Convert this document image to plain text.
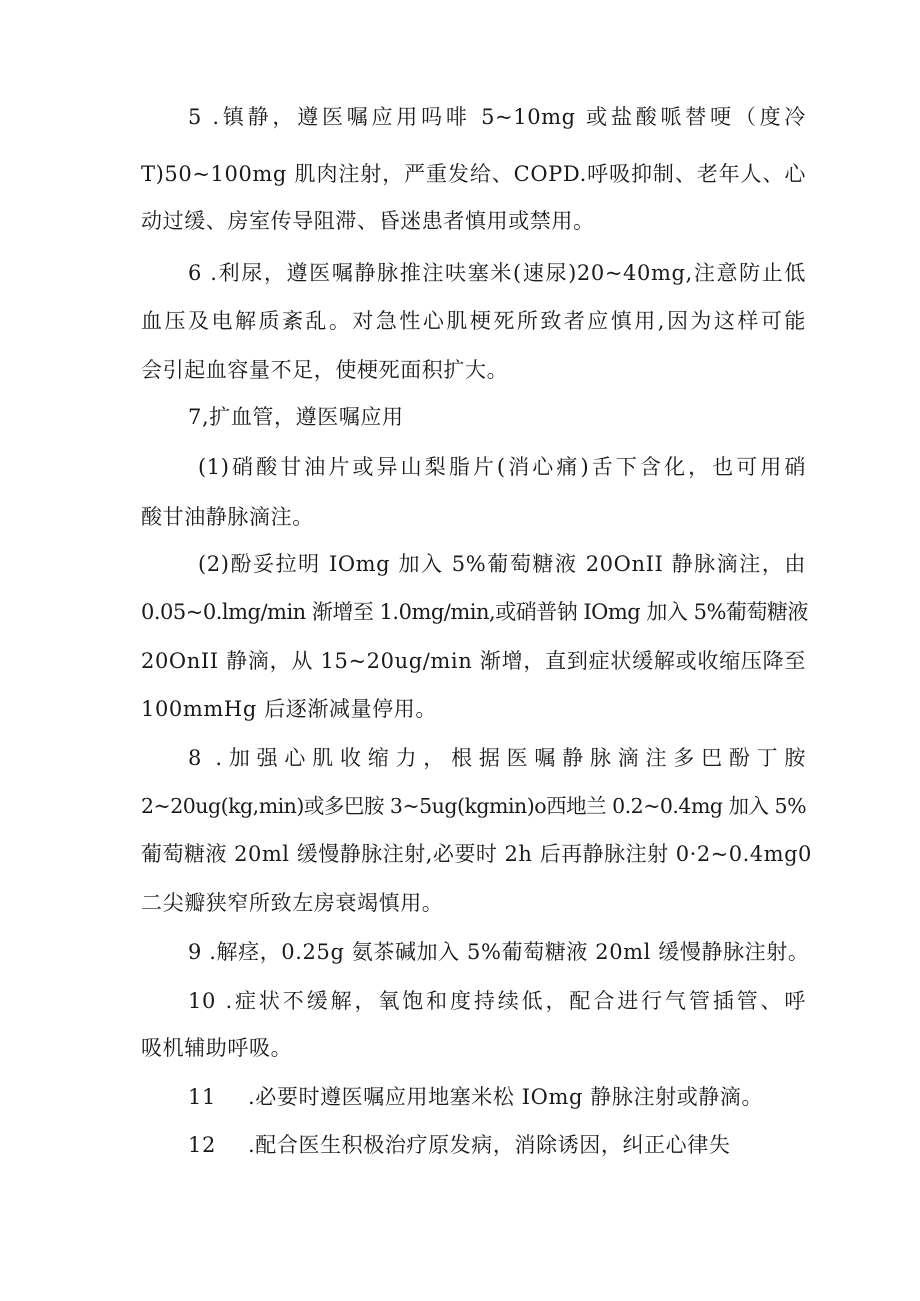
5 .镇静，遵医嘱应用吗啡 5~10mg 或盐酸哌替哽（度冷
T)50~100mg 肌肉注射，严重发给、COPD.呼吸抑制、老年人、心
动过缓、房室传导阻滞、昏迷患者慎用或禁用。
6 .利尿，遵医嘱静脉推注呋塞米(速尿)20~40mg,注意防止低
血压及电解质紊乱。对急性心肌梗死所致者应慎用,因为这样可能
会引起血容量不足，使梗死面积扩大。
7,扩血管，遵医嘱应用
(1)硝酸甘油片或异山梨脂片(消心痛)舌下含化，也可用硝
酸甘油静脉滴注。
(2)酚妥拉明 IOmg 加入 5%葡萄糖液 20OnII 静脉滴注，由
0.05~0.lmg∕min 渐增至 1.0mg∕min,或硝普钠 IOmg 加入 5%葡萄糖液
20OnII 静滴，从 15~20ug∕min 渐增，直到症状缓解或收缩压降至
100mmHg 后逐渐减量停用。
8 .加强心肌收缩力，根据医嘱静脉滴注多巴酚丁胺
2~20ug(kg,min)或多巴胺 3~5ug(kgmin)o西地兰 0.2~0.4mg 加入 5%
葡萄糖液 20ml 缓慢静脉注射,必要时 2h 后再静脉注射 0·2~0.4mg0
二尖瓣狭窄所致左房衰竭慎用。
9 .解痉，0.25g 氨茶碱加入 5%葡萄糖液 20ml 缓慢静脉注射。
10 .症状不缓解，氧饱和度持续低，配合进行气管插管、呼
吸机辅助呼吸。
11 .必要时遵医嘱应用地塞米松 IOmg 静脉注射或静滴。
12 .配合医生积极治疗原发病，消除诱因，纠正心律失
